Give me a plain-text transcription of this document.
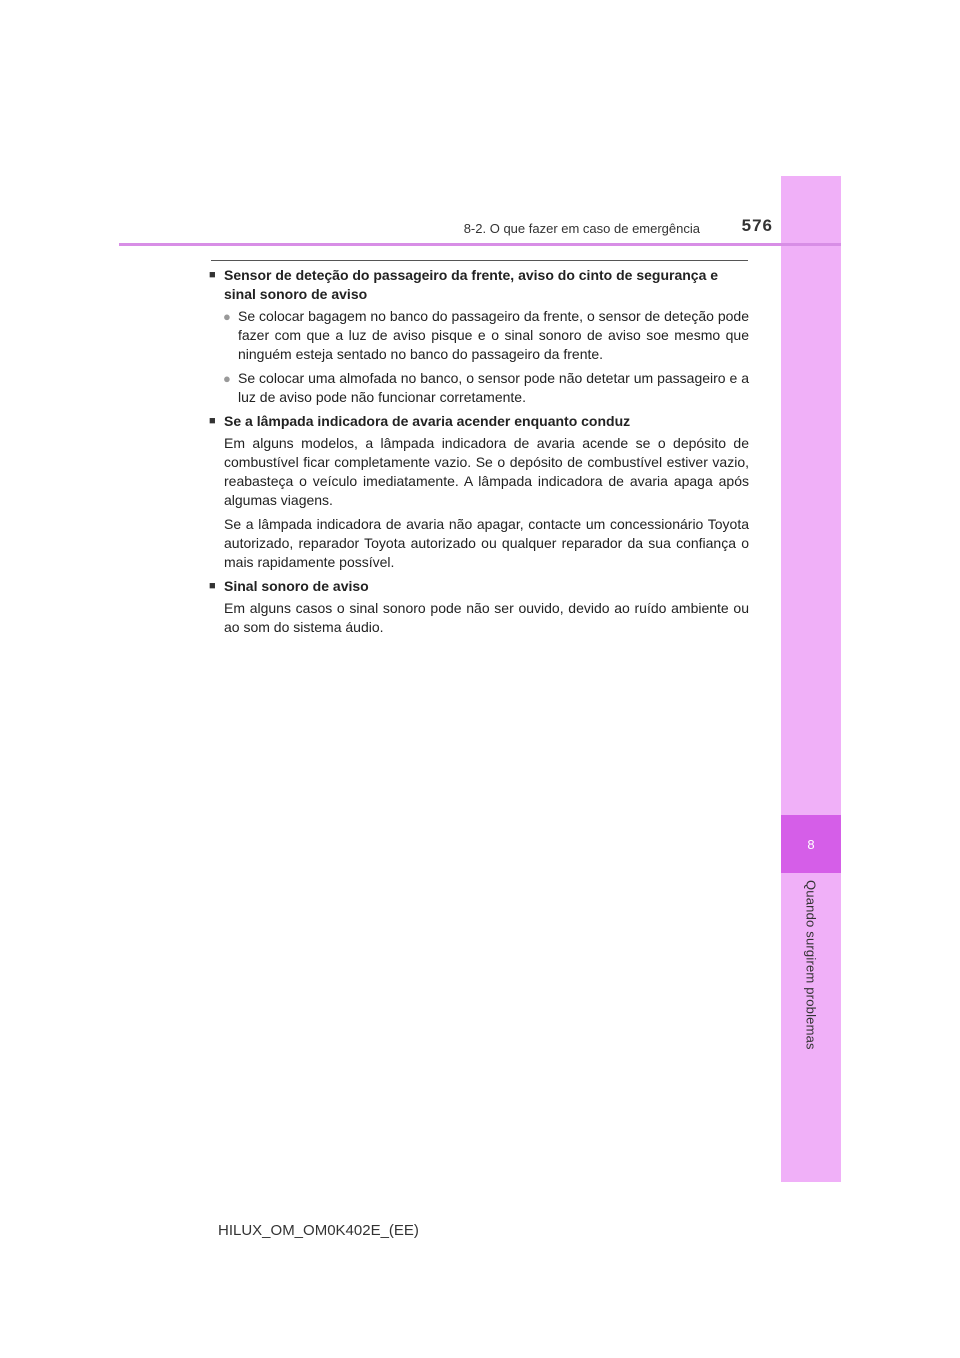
8
Quando surgirem problemas
8-2. O que fazer em caso de emergência	576
■ Sensor de deteção do passageiro da frente, aviso do cinto de segurança e sinal sonoro de aviso
● Se colocar bagagem no banco do passageiro da frente, o sensor de deteção pode fazer com que a luz de aviso pisque e o sinal sonoro de aviso soe mesmo que ninguém esteja sentado no banco do passageiro da frente.
● Se colocar uma almofada no banco, o sensor pode não detetar um passageiro e a luz de aviso pode não funcionar corretamente.
■ Se a lâmpada indicadora de avaria acender enquanto conduz
Em alguns modelos, a lâmpada indicadora de avaria acende se o depósito de combustível ficar completamente vazio. Se o depósito de combustível estiver vazio, reabasteça o veículo imediatamente. A lâmpada indicadora de avaria apaga após algumas viagens.
Se a lâmpada indicadora de avaria não apagar, contacte um concessionário Toyota autorizado, reparador Toyota autorizado ou qualquer reparador da sua confiança o mais rapidamente possível.
■ Sinal sonoro de aviso
Em alguns casos o sinal sonoro pode não ser ouvido, devido ao ruído ambiente ou ao som do sistema áudio.
HILUX_OM_OM0K402E_(EE)
